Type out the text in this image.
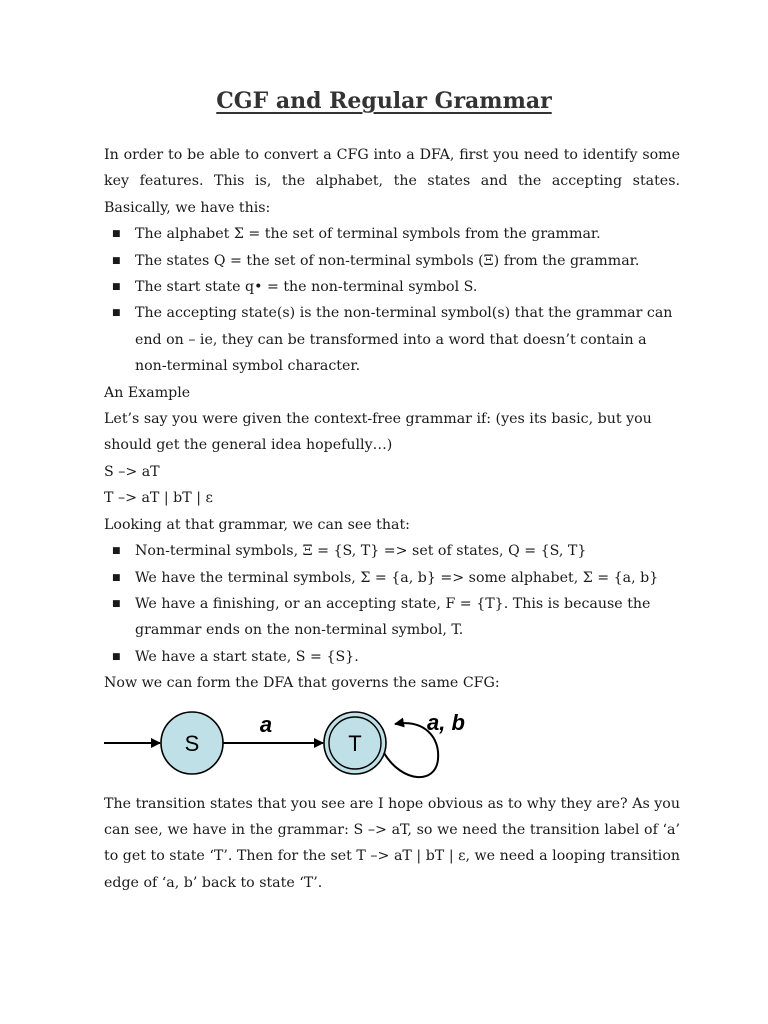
CGF and Regular Grammar

In order to be able to convert a CFG into a DFA, first you need to identify some key features. This is, the alphabet, the states and the accepting states. Basically, we have this:

■ The alphabet Σ = the set of terminal symbols from the grammar.
■ The states Q = the set of non-terminal symbols (Ξ) from the grammar.
■ The start state q• = the non-terminal symbol S.
■ The accepting state(s) is the non-terminal symbol(s) that the grammar can end on – ie, they can be transformed into a word that doesn’t contain a non-terminal symbol character.

An Example

Let’s say you were given the context-free grammar if: (yes its basic, but you should get the general idea hopefully…)

S –> aT

T –> aT | bT | ε

Looking at that grammar, we can see that:

■ Non-terminal symbols, Ξ = {S, T} => set of states, Q = {S, T}
■ We have the terminal symbols, Σ = {a, b} => some alphabet, Σ = {a, b}
■ We have a finishing, or an accepting state, F = {T}. This is because the grammar ends on the non-terminal symbol, T.
■ We have a start state, S = {S}.

Now we can form the DFA that governs the same CFG:

S
a
T
a, b

The transition states that you see are I hope obvious as to why they are? As you can see, we have in the grammar: S –> aT, so we need the transition label of ‘a’ to get to state ‘T’. Then for the set T –> aT | bT | ε, we need a looping transition edge of ‘a, b’ back to state ‘T’.
